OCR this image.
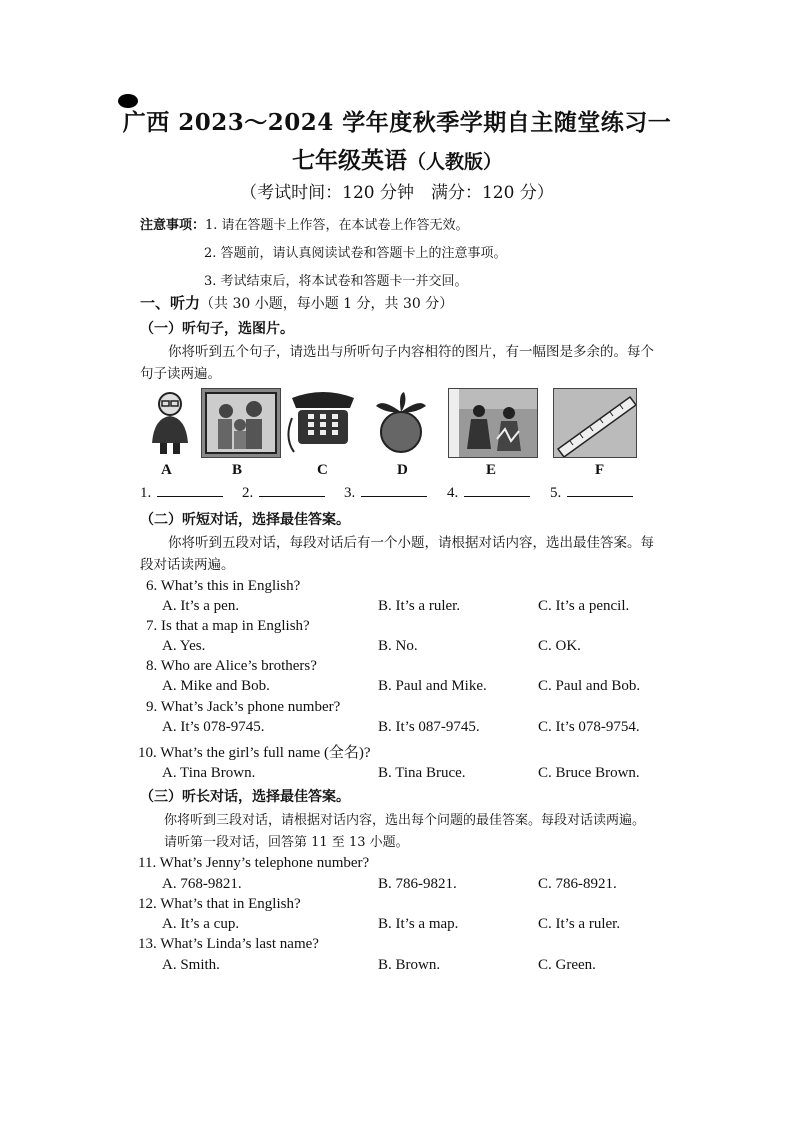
广西 2023～2024 学年度秋季学期自主随堂练习一
七年级英语（人教版）
（考试时间：120 分钟　满分：120 分）
注意事项：1. 请在答题卡上作答，在本试卷上作答无效。
2. 答题前，请认真阅读试卷和答题卡上的注意事项。
3. 考试结束后，将本试卷和答题卡一并交回。
一、听力（共 30 小题，每小题 1 分，共 30 分）
（一）听句子，选图片。
你将听到五个句子，请选出与所听句子内容相符的图片，有一幅图是多余的。每个句子读两遍。
A	B	C	D	E	F
1.	2.	3.	4.	5.
（二）听短对话，选择最佳答案。
你将听到五段对话，每段对话后有一个小题，请根据对话内容，选出最佳答案。每段对话读两遍。
6. What’s this in English?
A. It’s a pen.	B. It’s a ruler.	C. It’s a pencil.
7. Is that a map in English?
A. Yes.	B. No.	C. OK.
8. Who are Alice’s brothers?
A. Mike and Bob.	B. Paul and Mike.	C. Paul and Bob.
9. What’s Jack’s phone number?
A. It’s 078-9745.	B. It’s 087-9745.	C. It’s 078-9754.
10. What’s the girl’s full name (全名)?
A. Tina Brown.	B. Tina Bruce.	C. Bruce Brown.
（三）听长对话，选择最佳答案。
你将听到三段对话，请根据对话内容，选出每个问题的最佳答案。每段对话读两遍。
请听第一段对话，回答第 11 至 13 小题。
11. What’s Jenny’s telephone number?
A. 768-9821.	B. 786-9821.	C. 786-8921.
12. What’s that in English?
A. It’s a cup.	B. It’s a map.	C. It’s a ruler.
13. What’s Linda’s last name?
A. Smith.	B. Brown.	C. Green.
